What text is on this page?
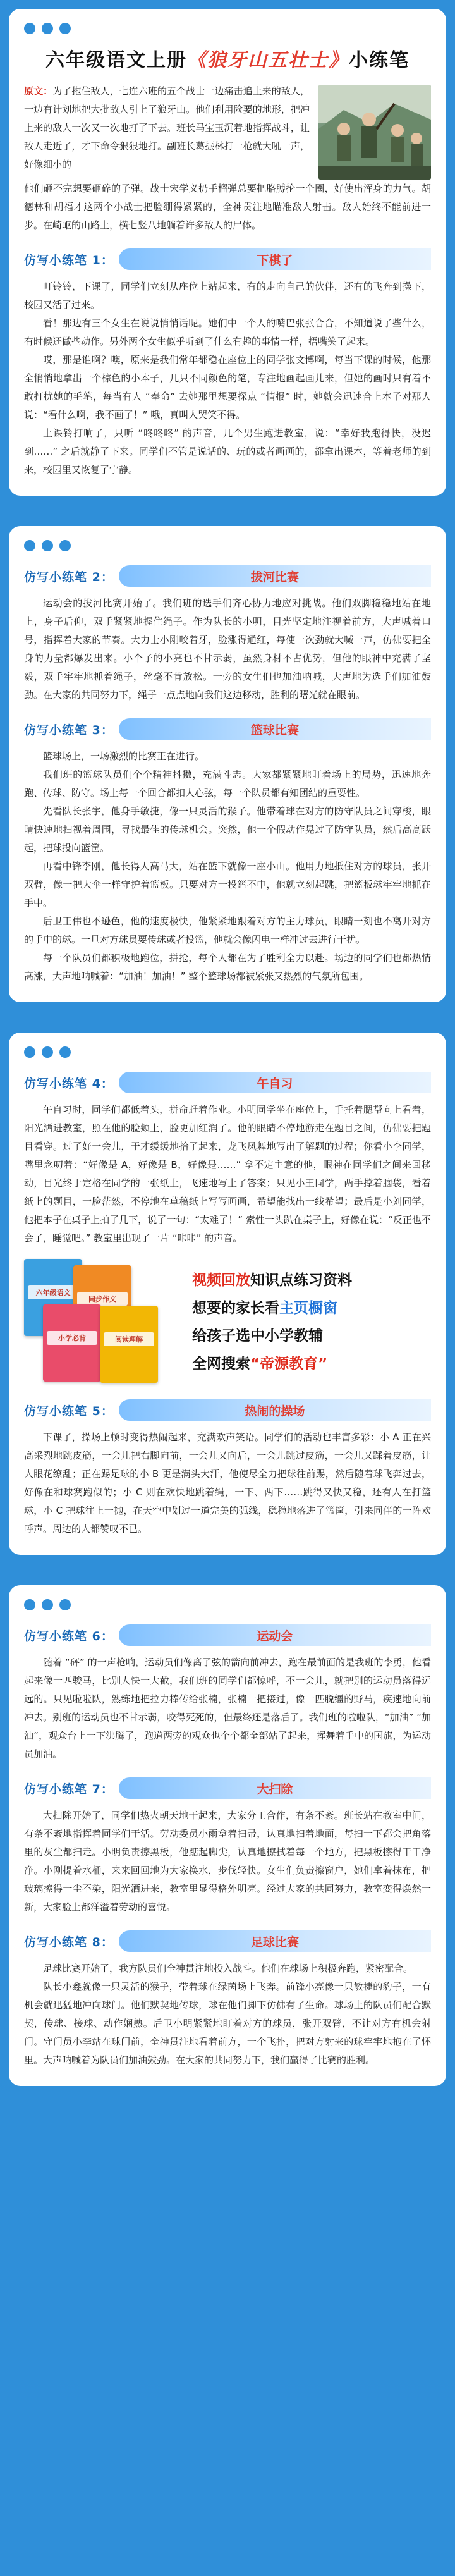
六年级语文上册《狼牙山五壮士》小练笔
原文：为了拖住敌人，七连六班的五个战士一边痛击追上来的敌人，一边有计划地把大批敌人引上了狼牙山。他们利用险要的地形，把冲上来的敌人一次又一次地打了下去。班长马宝玉沉着地指挥战斗，让敌人走近了，才下命令狠狠地打。副班长葛振林打一枪就大吼一声，好像细小的
他们砸不完想要砸碎的子弹。战士宋学义扔手榴弹总要把胳膊抡一个圈，好使出浑身的力气。胡德林和胡福才这两个小战士把脸绷得紧紧的，全神贯注地瞄准敌人射击。敌人始终不能前进一步。在崎岖的山路上，横七竖八地躺着许多敌人的尸体。
仿写小练笔 1：	下棋了

叮铃铃，下课了，同学们立刻从座位上站起来，有的走向自己的伙伴，还有的飞奔到操下，校园又活了过来。

看！那边有三个女生在说说悄悄话呢。她们中一个人的嘴巴张张合合，不知道说了些什么，有时候还做些动作。另外两个女生似乎听到了什么有趣的事情一样，捂嘴笑了起来。

哎，那是谁啊？噢，原来是我们常年都稳在座位上的同学张文博啊，每当下课的时候，他那全悄悄地拿出一个棕色的小本子，几只不同颜色的笔，专注地画起画儿来，但她的画时只有着不敢打扰她的毛笔，每当有人 “奉命” 去她那里想要探点 “情报” 时，她就会迅速合上本子对那人说：“看什么啊，我不画了！” 哦，真叫人哭笑不得。

上课铃打响了，只听 “咚咚咚” 的声音，几个男生跑进教室，说：“幸好我跑得快，没迟到……” 之后就静了下来。同学们不管是说话的、玩的或者画画的，都拿出课本，等着老师的到来，校园里又恢复了宁静。

仿写小练笔 2：	拔河比赛

运动会的拔河比赛开始了。我们班的选手们齐心协力地应对挑战。他们双脚稳稳地站在地上，身子后仰，双手紧紧地握住绳子。作为队长的小明，目光坚定地注视着前方，大声喊着口号，指挥着大家的节奏。大力士小刚咬着牙，脸涨得通红，每使一次劲就大喊一声，仿佛要把全身的力量都爆发出来。小个子的小亮也不甘示弱，虽然身材不占优势，但他的眼神中充满了坚毅，双手牢牢地抓着绳子，丝毫不肯放松。一旁的女生们也加油呐喊，大声地为选手们加油鼓劲。在大家的共同努力下，绳子一点点地向我们这边移动，胜利的曙光就在眼前。

仿写小练笔 3：	篮球比赛

篮球场上，一场激烈的比赛正在进行。

我们班的篮球队员们个个精神抖擞，充满斗志。大家都紧紧地盯着场上的局势，迅速地奔跑、传球、防守。场上每一个回合都扣人心弦，每一个队员都有知团结的重要性。

先看队长张宇，他身手敏捷，像一只灵活的猴子。他带着球在对方的防守队员之间穿梭，眼睛快速地扫视着周围，寻找最佳的传球机会。突然，他一个假动作晃过了防守队员，然后高高跃起，把球投向篮筐。

再看中锋李刚，他长得人高马大，站在篮下就像一座小山。他用力地抵住对方的球员，张开双臂，像一把大伞一样守护着篮板。只要对方一投篮不中，他就立刻起跳，把篮板球牢牢地抓在手中。

后卫王伟也不逊色，他的速度极快，他紧紧地跟着对方的主力球员，眼睛一刻也不离开对方的手中的球。一旦对方球员要传球或者投篮，他就会像闪电一样冲过去进行干扰。

每一个队员们都积极地跑位，拼抢，每个人都在为了胜利全力以赴。场边的同学们也都热情高涨，大声地呐喊着：“加油！加油！” 整个篮球场都被紧张又热烈的气氛所包围。

仿写小练笔 4：	午自习

午自习时，同学们都低着头，拼命赶着作业。小明同学坐在座位上，手托着腮帮向上看着，阳光洒进教室，照在他的脸颊上，脸更加红润了。他的眼睛不停地游走在题目之间，仿佛要把题目看穿。过了好一会儿，于才缓缓地拾了起来，龙飞凤舞地写出了解题的过程；你看小李同学，嘴里念叨着：“好像是 A，好像是 B，好像是……” 拿不定主意的他，眼神在同学们之间来回移动，目光终于定格在同学的一张纸上，飞速地写上了答案；只见小王同学，两手撑着脑袋，看着纸上的题目，一脸茫然，不停地在草稿纸上写写画画，希望能找出一线希望；最后是小刘同学，他把本子在桌子上拍了几下，说了一句：“太难了！” 索性一头趴在桌子上，好像在说：“反正也不会了，睡觉吧。” 教室里出现了一片 “咔咔” 的声音。

六年级语文
同步作文
小学必背	阅读理解
视频回放知识点练习资料
想要的家长看主页橱窗
给孩子选中小学教辅
全网搜索“帝源教育”
仿写小练笔 5：	热闹的操场

下课了，操场上顿时变得热闹起来，充满欢声笑语。同学们的活动也丰富多彩：小 A 正在兴高采烈地跳皮筋，一会儿把右脚向前，一会儿又向后，一会儿跳过皮筋，一会儿又踩着皮筋，让人眼花缭乱；正在踢足球的小 B 更是满头大汗，他使尽全力把球往前踢，然后随着球飞奔过去，好像在和球赛跑似的；小 C 则在欢快地跳着绳，一下、两下……跳得又快又稳，还有人在打篮球，小 C 把球往上一抛，在天空中划过一道完美的弧线，稳稳地落进了篮筐，引来同伴的一阵欢呼声。周边的人都赞叹不已。

仿写小练笔 6：	运动会

随着 “砰” 的一声枪响，运动员们像离了弦的箭向前冲去，跑在最前面的是我班的李勇，他看起来像一匹骏马，比别人快一大截，我们班的同学们都惊呼，不一会儿，就把别的运动员落得远远的。只见啦啦队，熟练地把拉力棒传给张楠，张楠一把接过，像一匹脱缰的野马，疾速地向前冲去。别班的运动员也不甘示弱，咬得死死的，但最终还是落后了。我们班的啦啦队，“加油” “加油”，观众台上一下沸腾了，跑道两旁的观众也个个都全部站了起来，挥舞着手中的国旗，为运动员加油。

仿写小练笔 7：	大扫除

大扫除开始了，同学们热火朝天地干起来，大家分工合作，有条不紊。班长站在教室中间，有条不紊地指挥着同学们干活。劳动委员小雨拿着扫帚，认真地扫着地面，每扫一下都会把角落里的灰尘都扫走。小明负责擦黑板，他踮起脚尖，认真地擦拭着每一个地方，把黑板擦得干干净净。小刚提着水桶，来来回回地为大家换水，步伐轻快。女生们负责擦窗户，她们拿着抹布，把玻璃擦得一尘不染，阳光洒进来，教室里显得格外明亮。经过大家的共同努力，教室变得焕然一新，大家脸上都洋溢着劳动的喜悦。

仿写小练笔 8：	足球比赛

足球比赛开始了，我方队员们全神贯注地投入战斗。他们在球场上积极奔跑，紧密配合。

队长小鑫就像一只灵活的猴子，带着球在绿茵场上飞奔。前锋小亮像一只敏捷的豹子，一有机会就迅猛地冲向球门。他们默契地传球，球在他们脚下仿佛有了生命。球场上的队员们配合默契，传球、接球、动作娴熟。后卫小明紧紧地盯着对方的球员，张开双臂，不让对方有机会射门。守门员小李站在球门前，全神贯注地看着前方，一个飞扑，把对方射来的球牢牢地抱在了怀里。大声呐喊着为队员们加油鼓劲。在大家的共同努力下，我们赢得了比赛的胜利。
